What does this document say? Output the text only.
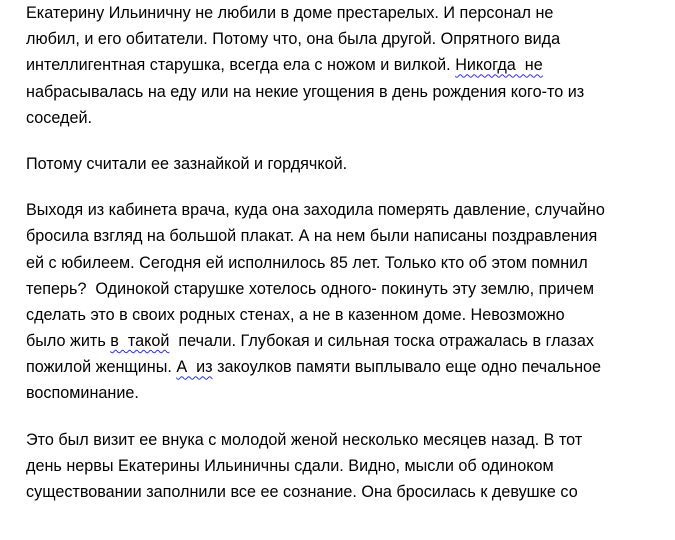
Екатерину Ильиничну не любили в доме престарелых. И персонал не
любил, и его обитатели. Потому что, она была другой. Опрятного вида
интеллигентная старушка, всегда ела с ножом и вилкой. Никогда  не
набрасывалась на еду или на некие угощения в день рождения кого-то из
соседей.
Потому считали ее зазнайкой и гордячкой.
Выходя из кабинета врача, куда она заходила померять давление, случайно
бросила взгляд на большой плакат. А на нем были написаны поздравления
ей с юбилеем. Сегодня ей исполнилось 85 лет. Только кто об этом помнил
теперь?  Одинокой старушке хотелось одного- покинуть эту землю, причем
сделать это в своих родных стенах, а не в казенном доме. Невозможно
было жить в  такой  печали. Глубокая и сильная тоска отражалась в глазах
пожилой женщины. А  из закоулков памяти выплывало еще одно печальное
воспоминание.
Это был визит ее внука с молодой женой несколько месяцев назад. В тот
день нервы Екатерины Ильиничны сдали. Видно, мысли об одиноком
существовании заполнили все ее сознание. Она бросилась к девушке со
